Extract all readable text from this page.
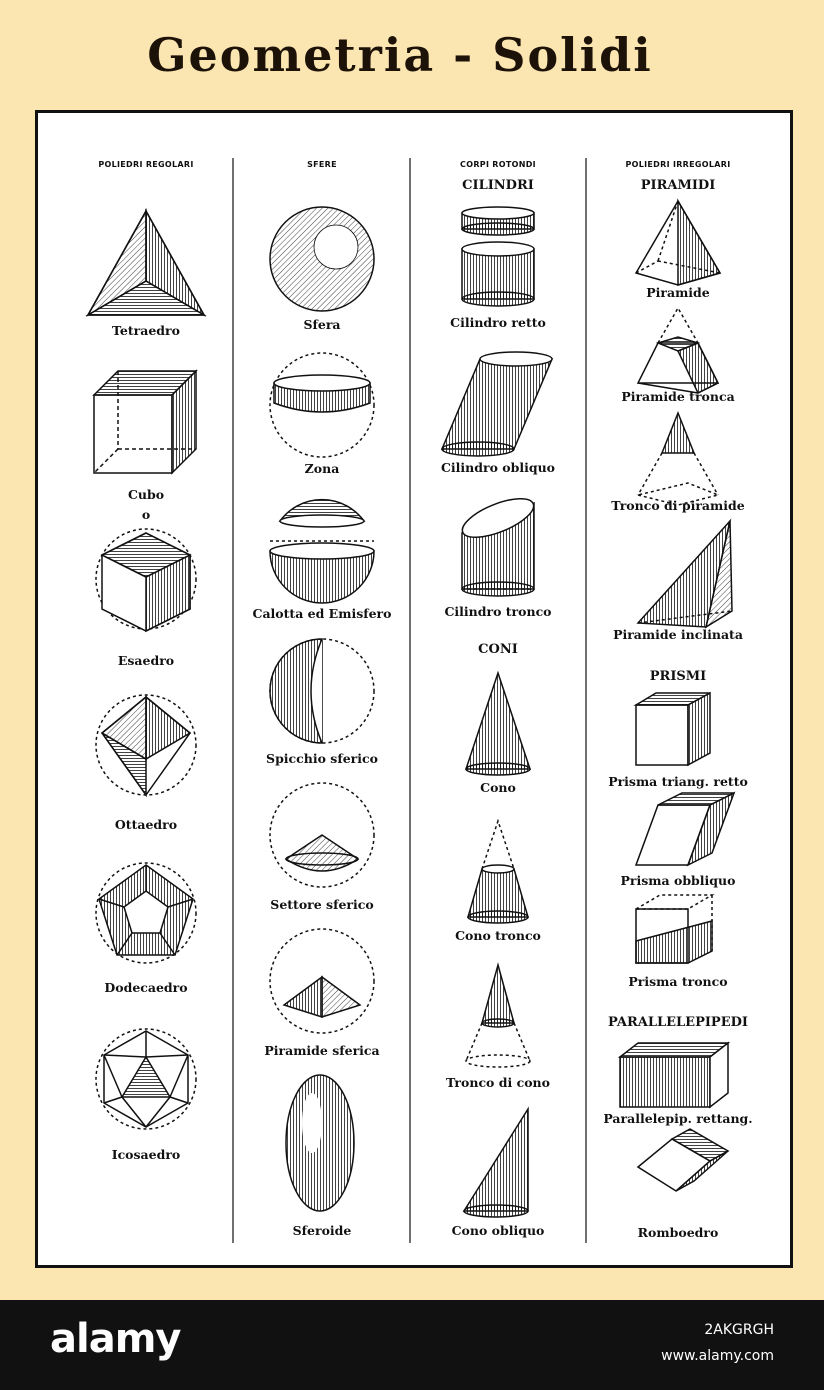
Geometria - Solidi
POLIEDRI REGOLARI	SFERE	CORPI ROTONDI	POLIEDRI IRREGOLARI
CILINDRI
CONI
PIRAMIDI
PRISMI
PARALLELEPIPEDI
Tetraedro
Cubo
o
Esaedro
Ottaedro
Dodecaedro
Icosaedro
Sfera
Zona
Calotta ed Emisfero
Spicchio sferico
Settore sferico
Piramide sferica
Sferoide
Cilindro retto
Cilindro obliquo
Cilindro tronco
Cono
Cono tronco
Tronco di cono
Cono obliquo
Piramide
Piramide tronca
Tronco di piramide
Piramide inclinata
Prisma triang. retto
Prisma obbliquo
Prisma tronco
Parallelepip. rettang.
Romboedro
alamy	2AKGRGH
www.alamy.com
